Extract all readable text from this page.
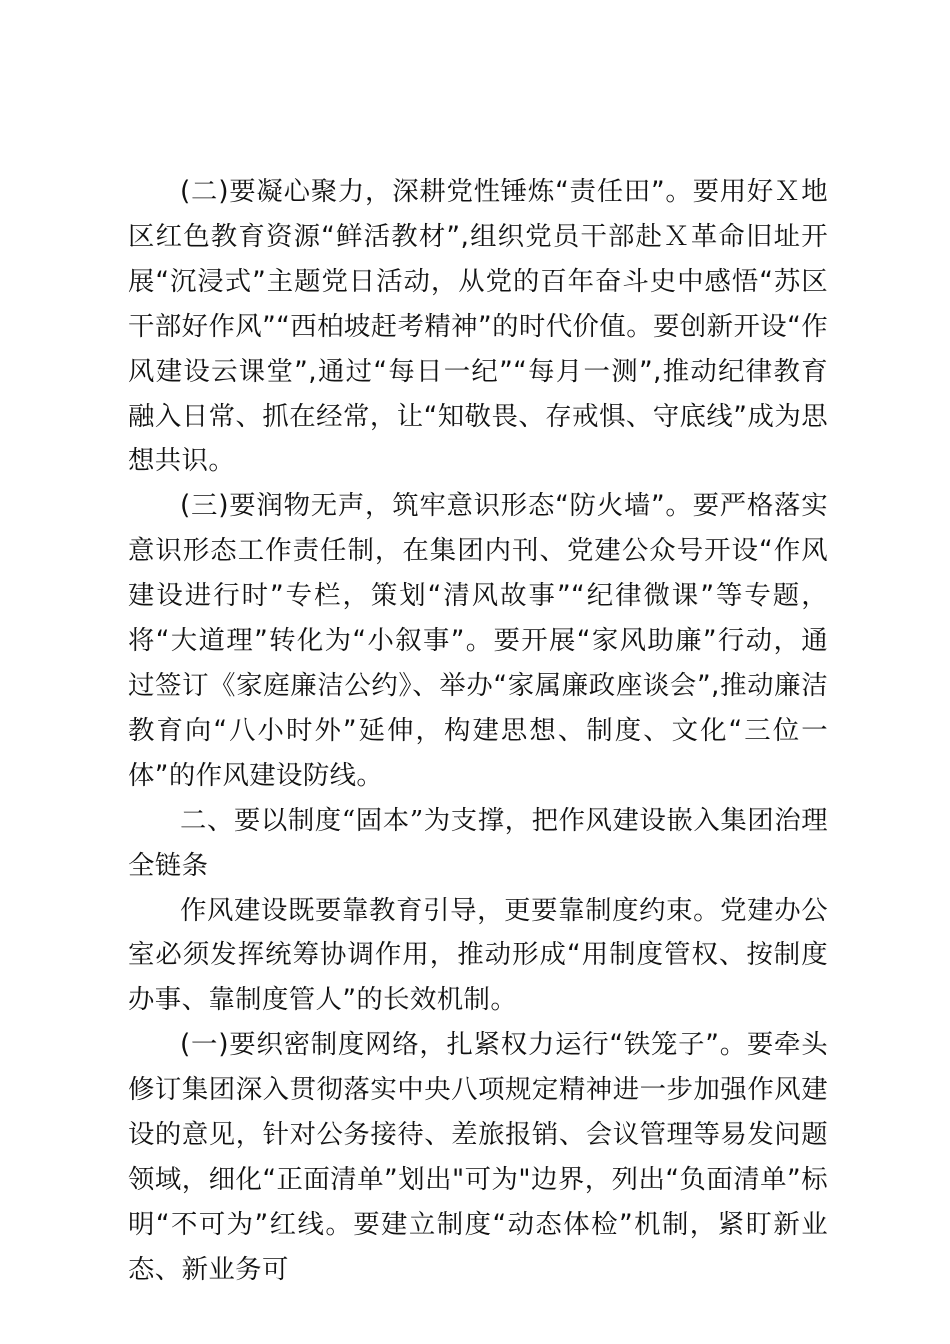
(二)要凝心聚力，深耕党性锤炼“责任田”。要用好Ｘ地区红色教育资源“鲜活教材”,组织党员干部赴Ｘ革命旧址开展“沉浸式”主题党日活动，从党的百年奋斗史中感悟“苏区干部好作风”“西柏坡赶考精神”的时代价值。要创新开设“作风建设云课堂”,通过“每日一纪”“每月一测”,推动纪律教育融入日常、抓在经常，让“知敬畏、存戒惧、守底线”成为思想共识。

(三)要润物无声，筑牢意识形态“防火墙”。要严格落实意识形态工作责任制，在集团内刊、党建公众号开设“作风建设进行时”专栏，策划“清风故事”“纪律微课”等专题，将“大道理”转化为“小叙事”。要开展“家风助廉”行动，通过签订《家庭廉洁公约》、举办“家属廉政座谈会”,推动廉洁教育向“八小时外”延伸，构建思想、制度、文化“三位一体”的作风建设防线。

二、要以制度“固本”为支撑，把作风建设嵌入集团治理全链条

作风建设既要靠教育引导，更要靠制度约束。党建办公室必须发挥统筹协调作用，推动形成“用制度管权、按制度办事、靠制度管人”的长效机制。

(一)要织密制度网络，扎紧权力运行“铁笼子”。要牵头修订集团深入贯彻落实中央八项规定精神进一步加强作风建设的意见，针对公务接待、差旅报销、会议管理等易发问题领域，细化“正面清单”划出"可为"边界，列出“负面清单”标明“不可为”红线。要建立制度“动态体检”机制，紧盯新业态、新业务可
